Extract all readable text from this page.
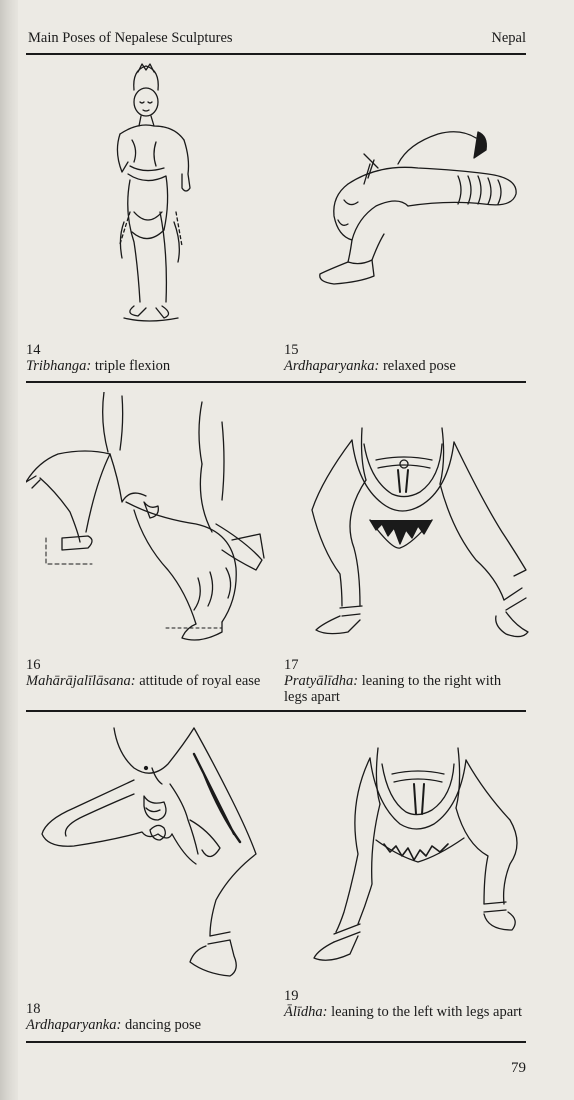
Main Poses of Nepalese Sculptures	Nepal
14
Tribhanga: triple flexion
15
Ardhaparyanka: relaxed pose
16
Mahārājalīlāsana: attitude of royal ease
17
Pratyālīdha: leaning to the right with legs apart
18
Ardhaparyanka: dancing pose
19
Ālīdha: leaning to the left with legs apart
79
